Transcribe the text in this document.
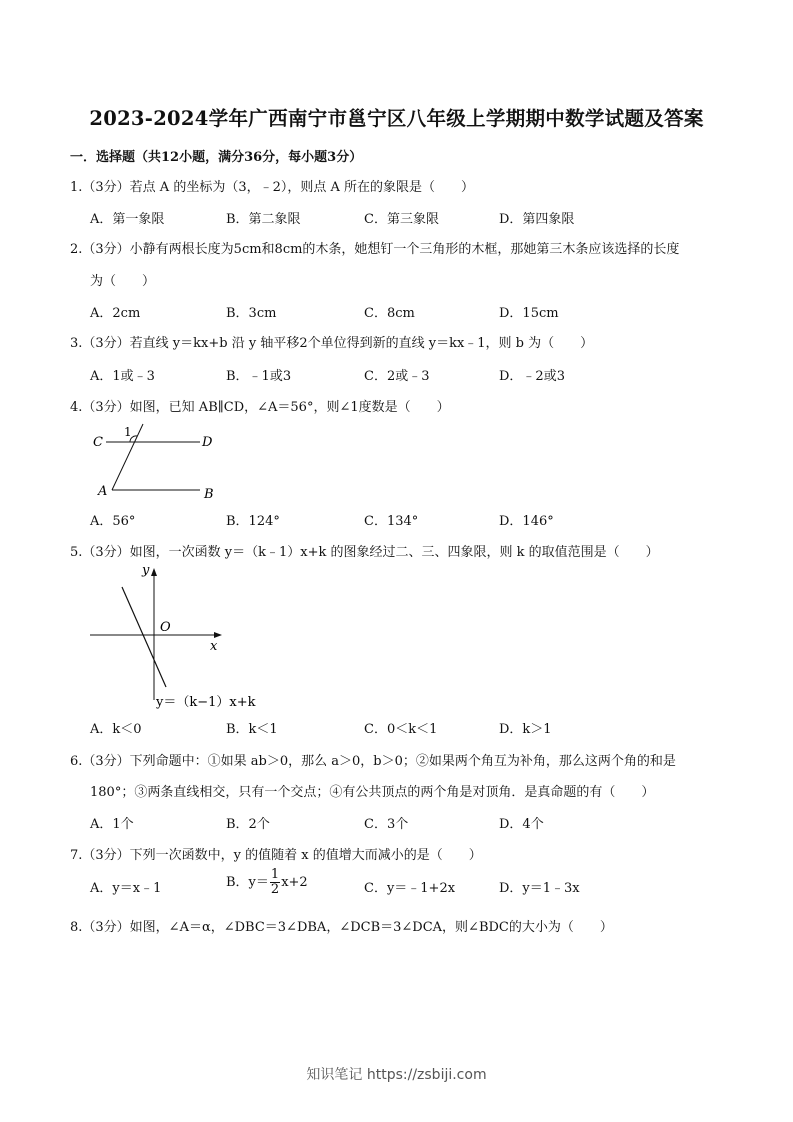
2023-2024学年广西南宁市邕宁区八年级上学期期中数学试题及答案
一．选择题（共12小题，满分36分，每小题3分）
1.（3分）若点 A 的坐标为（3，﹣2），则点 A 所在的象限是（　　）
A．第一象限	B．第二象限	C．第三象限	D．第四象限
2.（3分）小静有两根长度为5cm和8cm的木条，她想钉一个三角形的木框，那她第三木条应该选择的长度
为（　　）
A．2cm	B．3cm	C．8cm	D．15cm
3.（3分）若直线 y＝kx+b 沿 y 轴平移2个单位得到新的直线 y＝kx﹣1，则 b 为（　　）
A．1或﹣3	B．﹣1或3	C．2或﹣3	D．﹣2或3
4.（3分）如图，已知 AB∥CD，∠A＝56°，则∠1度数是（　　）
C
1
D
A	B
A．56°	B．124°	C．134°	D．146°
5.（3分）如图，一次函数 y＝（k﹣1）x+k 的图象经过二、三、四象限，则 k 的取值范围是（　　）
y
O
x
y＝（k−1）x+k
A．k＜0	B．k＜1	C．0＜k＜1	D．k＞1
6.（3分）下列命题中：①如果 ab＞0，那么 a＞0，b＞0；②如果两个角互为补角，那么这两个角的和是
180°；③两条直线相交，只有一个交点；④有公共顶点的两个角是对顶角．是真命题的有（　　）
A．1个	B．2个	C．3个	D．4个
7.（3分）下列一次函数中，y 的值随着 x 的值增大而减小的是（　　）
A．y＝x﹣1	B．$y= \frac{1}{2} x+2$	C．y＝﹣1+2x	D．y＝1﹣3x
8.（3分）如图，∠A＝α，∠DBC＝3∠DBA，∠DCB＝3∠DCA，则∠BDC的大小为（　　）
知识笔记 https://zsbiji.com
